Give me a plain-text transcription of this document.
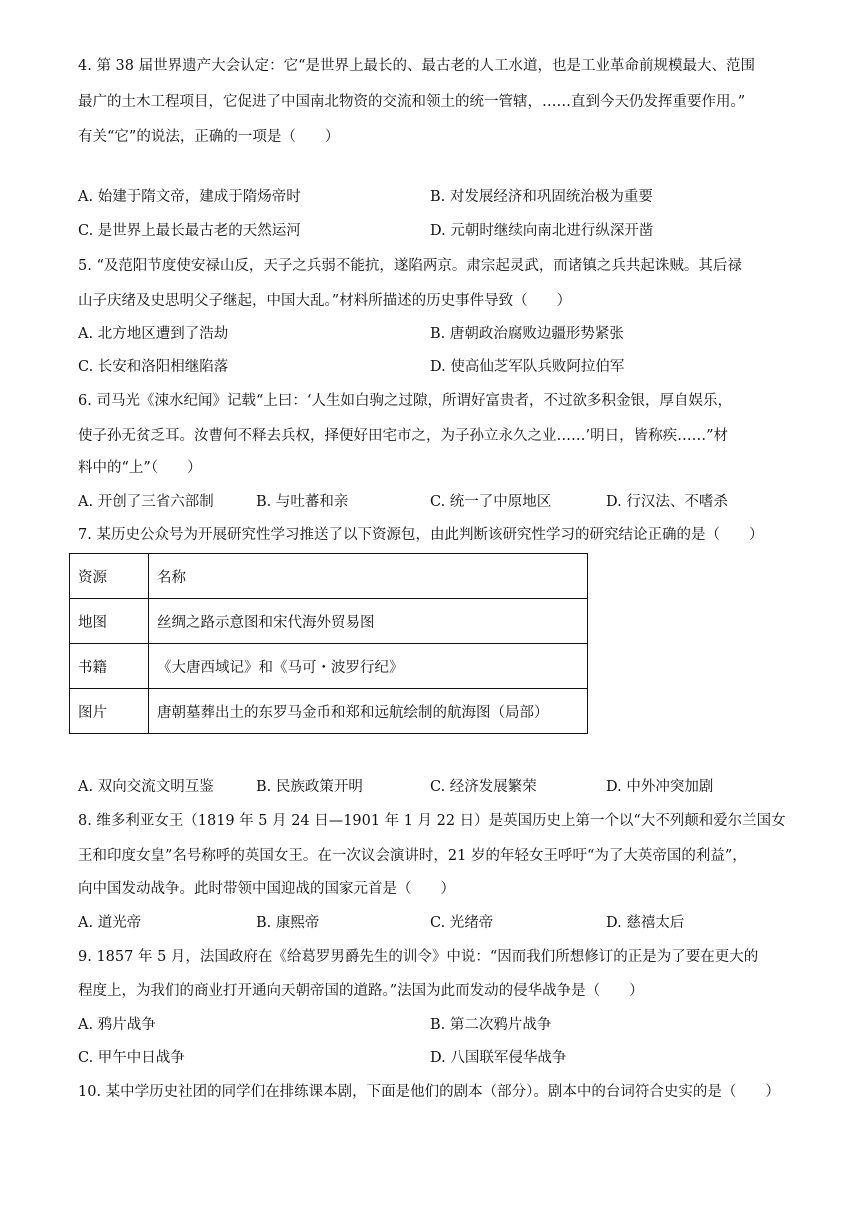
4. 第 38 届世界遗产大会认定：它“是世界上最长的、最古老的人工水道，也是工业革命前规模最大、范围
最广的土木工程项目，它促进了中国南北物资的交流和领土的统一管辖，……直到今天仍发挥重要作用。”
有关“它”的说法，正确的一项是（　　）
A. 始建于隋文帝，建成于隋炀帝时	B. 对发展经济和巩固统治极为重要
C. 是世界上最长最古老的天然运河	D. 元朝时继续向南北进行纵深开凿
5. “及范阳节度使安禄山反，天子之兵弱不能抗，遂陷两京。肃宗起灵武，而诸镇之兵共起诛贼。其后禄
山子庆绪及史思明父子继起，中国大乱。”材料所描述的历史事件导致（　　）
A. 北方地区遭到了浩劫	B. 唐朝政治腐败边疆形势紧张
C. 长安和洛阳相继陷落	D. 使高仙芝军队兵败阿拉伯军
6. 司马光《涑水纪闻》记载“上曰：‘人生如白驹之过隙，所谓好富贵者，不过欲多积金银，厚自娱乐，
使子孙无贫乏耳。汝曹何不释去兵权，择便好田宅市之，为子孙立永久之业……’明日，皆称疾……”材
料中的“上”（　　）
A. 开创了三省六部制	B. 与吐蕃和亲	C. 统一了中原地区	D. 行汉法、不嗜杀
7. 某历史公众号为开展研究性学习推送了以下资源包，由此判断该研究性学习的研究结论正确的是（　　）
资源	名称
地图	丝绸之路示意图和宋代海外贸易图
书籍	《大唐西域记》和《马可・波罗行纪》
图片	唐朝墓葬出土的东罗马金币和郑和远航绘制的航海图（局部）
A. 双向交流文明互鉴	B. 民族政策开明	C. 经济发展繁荣	D. 中外冲突加剧
8. 维多利亚女王（1819 年 5 月 24 日—1901 年 1 月 22 日）是英国历史上第一个以“大不列颠和爱尔兰国女
王和印度女皇”名号称呼的英国女王。在一次议会演讲时，21 岁的年轻女王呼吁“为了大英帝国的利益”，
向中国发动战争。此时带领中国迎战的国家元首是（　　）
A. 道光帝	B. 康熙帝	C. 光绪帝	D. 慈禧太后
9. 1857 年 5 月，法国政府在《给葛罗男爵先生的训令》中说：“因而我们所想修订的正是为了要在更大的
程度上，为我们的商业打开通向天朝帝国的道路。”法国为此而发动的侵华战争是（　　）
A. 鸦片战争	B. 第二次鸦片战争
C. 甲午中日战争	D. 八国联军侵华战争
10. 某中学历史社团的同学们在排练课本剧，下面是他们的剧本（部分）。剧本中的台词符合史实的是（　　）
